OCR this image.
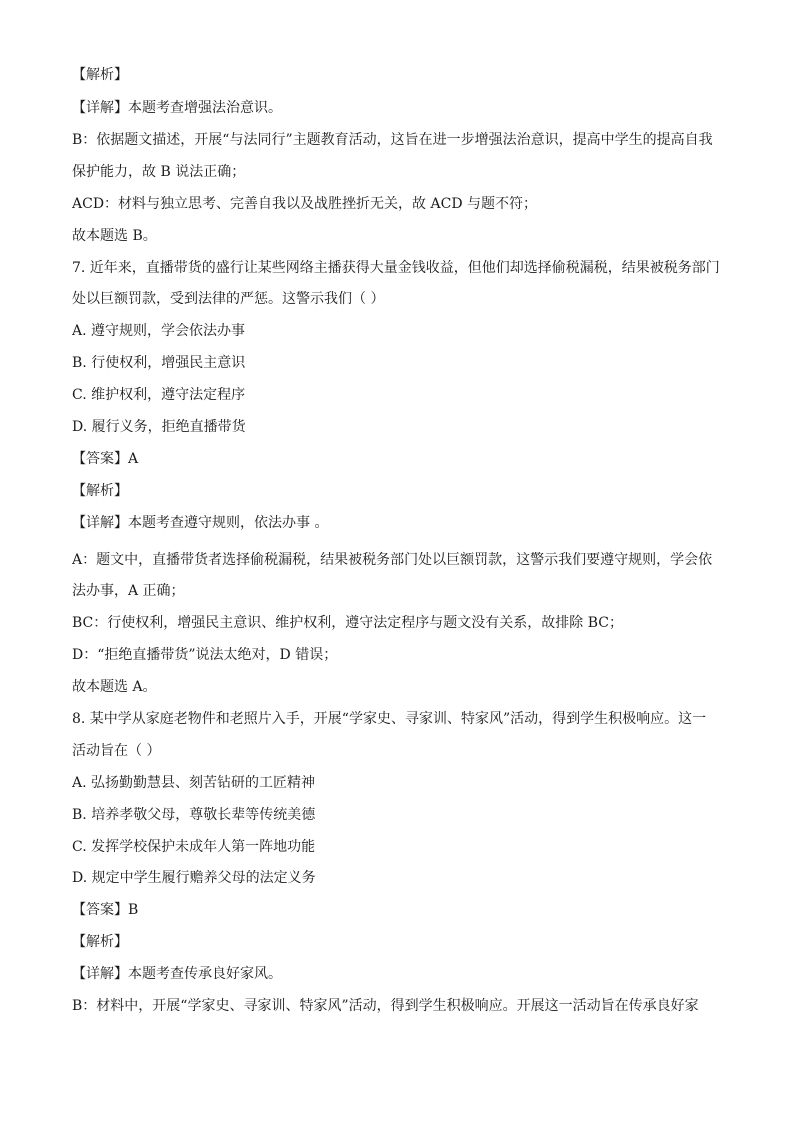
【解析】
【详解】本题考查增强法治意识。
B：依据题文描述，开展“与法同行”主题教育活动，这旨在进一步增强法治意识，提高中学生的提高自我
保护能力，故 B 说法正确；
ACD：材料与独立思考、完善自我以及战胜挫折无关，故 ACD 与题不符；
故本题选 B。
7. 近年来，直播带货的盛行让某些网络主播获得大量金钱收益，但他们却选择偷税漏税，结果被税务部门
处以巨额罚款，受到法律的严惩。这警示我们（ ）
A. 遵守规则，学会依法办事
B. 行使权利，增强民主意识
C. 维护权利，遵守法定程序
D. 履行义务，拒绝直播带货
【答案】A
【解析】
【详解】本题考查遵守规则，依法办事 。
A：题文中，直播带货者选择偷税漏税，结果被税务部门处以巨额罚款，这警示我们要遵守规则，学会依
法办事，A 正确；
BC：行使权利，增强民主意识、维护权利，遵守法定程序与题文没有关系，故排除 BC；
D：“拒绝直播带货”说法太绝对，D 错误；
故本题选 A。
8. 某中学从家庭老物件和老照片入手，开展“学家史、寻家训、特家风”活动，得到学生积极响应。这一
活动旨在（ ）
A. 弘扬勤勤慧县、刻苦钻研的工匠精神
B. 培养孝敬父母，尊敬长辈等传统美德
C. 发挥学校保护未成年人第一阵地功能
D. 规定中学生履行赡养父母的法定义务
【答案】B
【解析】
【详解】本题考查传承良好家风。
B：材料中，开展“学家史、寻家训、特家风”活动，得到学生积极响应。开展这一活动旨在传承良好家
